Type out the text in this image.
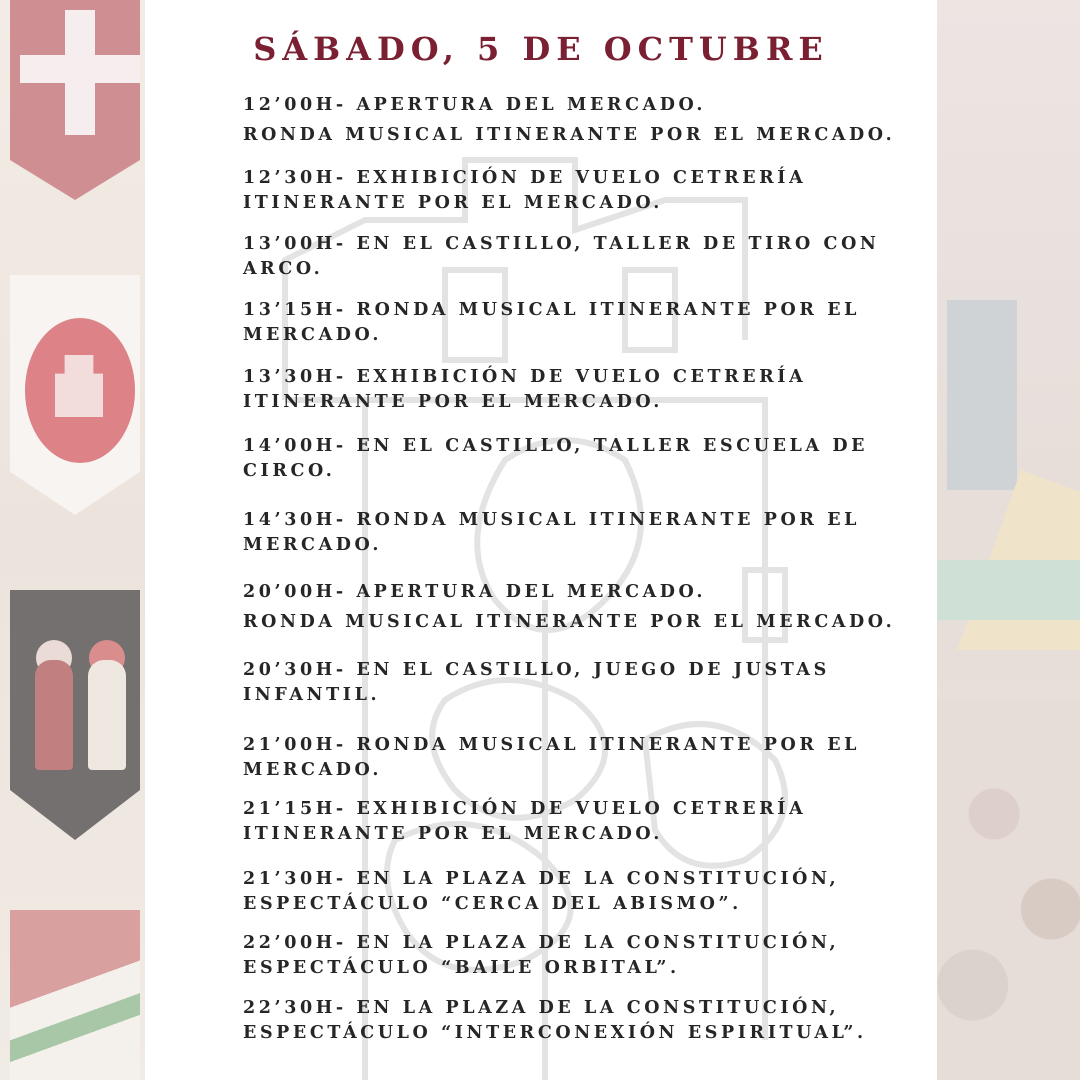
SÁBADO, 5 DE OCTUBRE

12’00H- APERTURA DEL MERCADO.
RONDA MUSICAL ITINERANTE POR EL MERCADO.

12’30H- EXHIBICIÓN DE VUELO CETRERÍA
ITINERANTE POR EL MERCADO.

13’00H- EN EL CASTILLO, TALLER DE TIRO CON
ARCO.

13’15H- RONDA MUSICAL ITINERANTE POR EL
MERCADO.

13’30H- EXHIBICIÓN DE VUELO CETRERÍA
ITINERANTE POR EL MERCADO.

14’00H- EN EL CASTILLO, TALLER ESCUELA DE
CIRCO.

14’30H- RONDA MUSICAL ITINERANTE POR EL
MERCADO.

20’00H- APERTURA DEL MERCADO.
RONDA MUSICAL ITINERANTE POR EL MERCADO.

20’30H- EN EL CASTILLO, JUEGO DE JUSTAS
INFANTIL.

21’00H- RONDA MUSICAL ITINERANTE POR EL
MERCADO.

21’15H- EXHIBICIÓN DE VUELO CETRERÍA
ITINERANTE POR EL MERCADO.

21’30H- EN LA PLAZA DE LA CONSTITUCIÓN,
ESPECTÁCULO “CERCA DEL ABISMO”.

22’00H- EN LA PLAZA DE LA CONSTITUCIÓN,
ESPECTÁCULO “BAILE ORBITAL”.

22’30H- EN LA PLAZA DE LA CONSTITUCIÓN,
ESPECTÁCULO “INTERCONEXIÓN ESPIRITUAL”.
